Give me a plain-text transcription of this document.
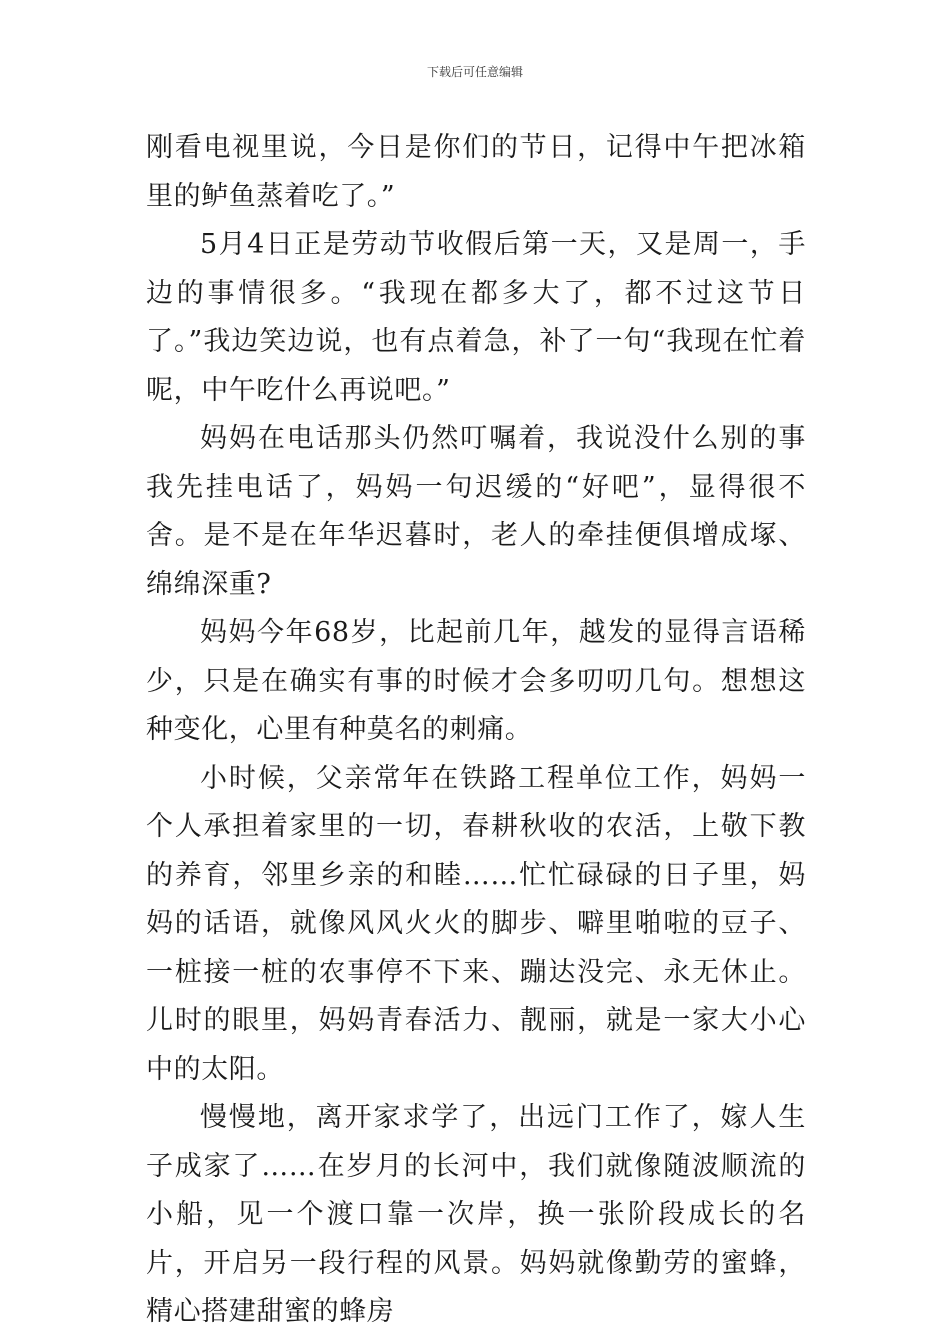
下载后可任意编辑

刚看电视里说，今日是你们的节日，记得中午把冰箱里的鲈鱼蒸着吃了。”

5月4日正是劳动节收假后第一天，又是周一，手边的事情很多。“我现在都多大了，都不过这节日了。”我边笑边说，也有点着急，补了一句“我现在忙着呢，中午吃什么再说吧。”

妈妈在电话那头仍然叮嘱着，我说没什么别的事我先挂电话了，妈妈一句迟缓的“好吧”，显得很不舍。是不是在年华迟暮时，老人的牵挂便俱增成塚、绵绵深重?

妈妈今年68岁，比起前几年，越发的显得言语稀少，只是在确实有事的时候才会多叨叨几句。想想这种变化，心里有种莫名的刺痛。

小时候，父亲常年在铁路工程单位工作，妈妈一个人承担着家里的一切，春耕秋收的农活，上敬下教的养育，邻里乡亲的和睦……忙忙碌碌的日子里，妈妈的话语，就像风风火火的脚步、噼里啪啦的豆子、一桩接一桩的农事停不下来、蹦达没完、永无休止。儿时的眼里，妈妈青春活力、靓丽，就是一家大小心中的太阳。

慢慢地，离开家求学了，出远门工作了，嫁人生子成家了……在岁月的长河中，我们就像随波顺流的小船，见一个渡口靠一次岸，换一张阶段成长的名片，开启另一段行程的风景。妈妈就像勤劳的蜜蜂，精心搭建甜蜜的蜂房
